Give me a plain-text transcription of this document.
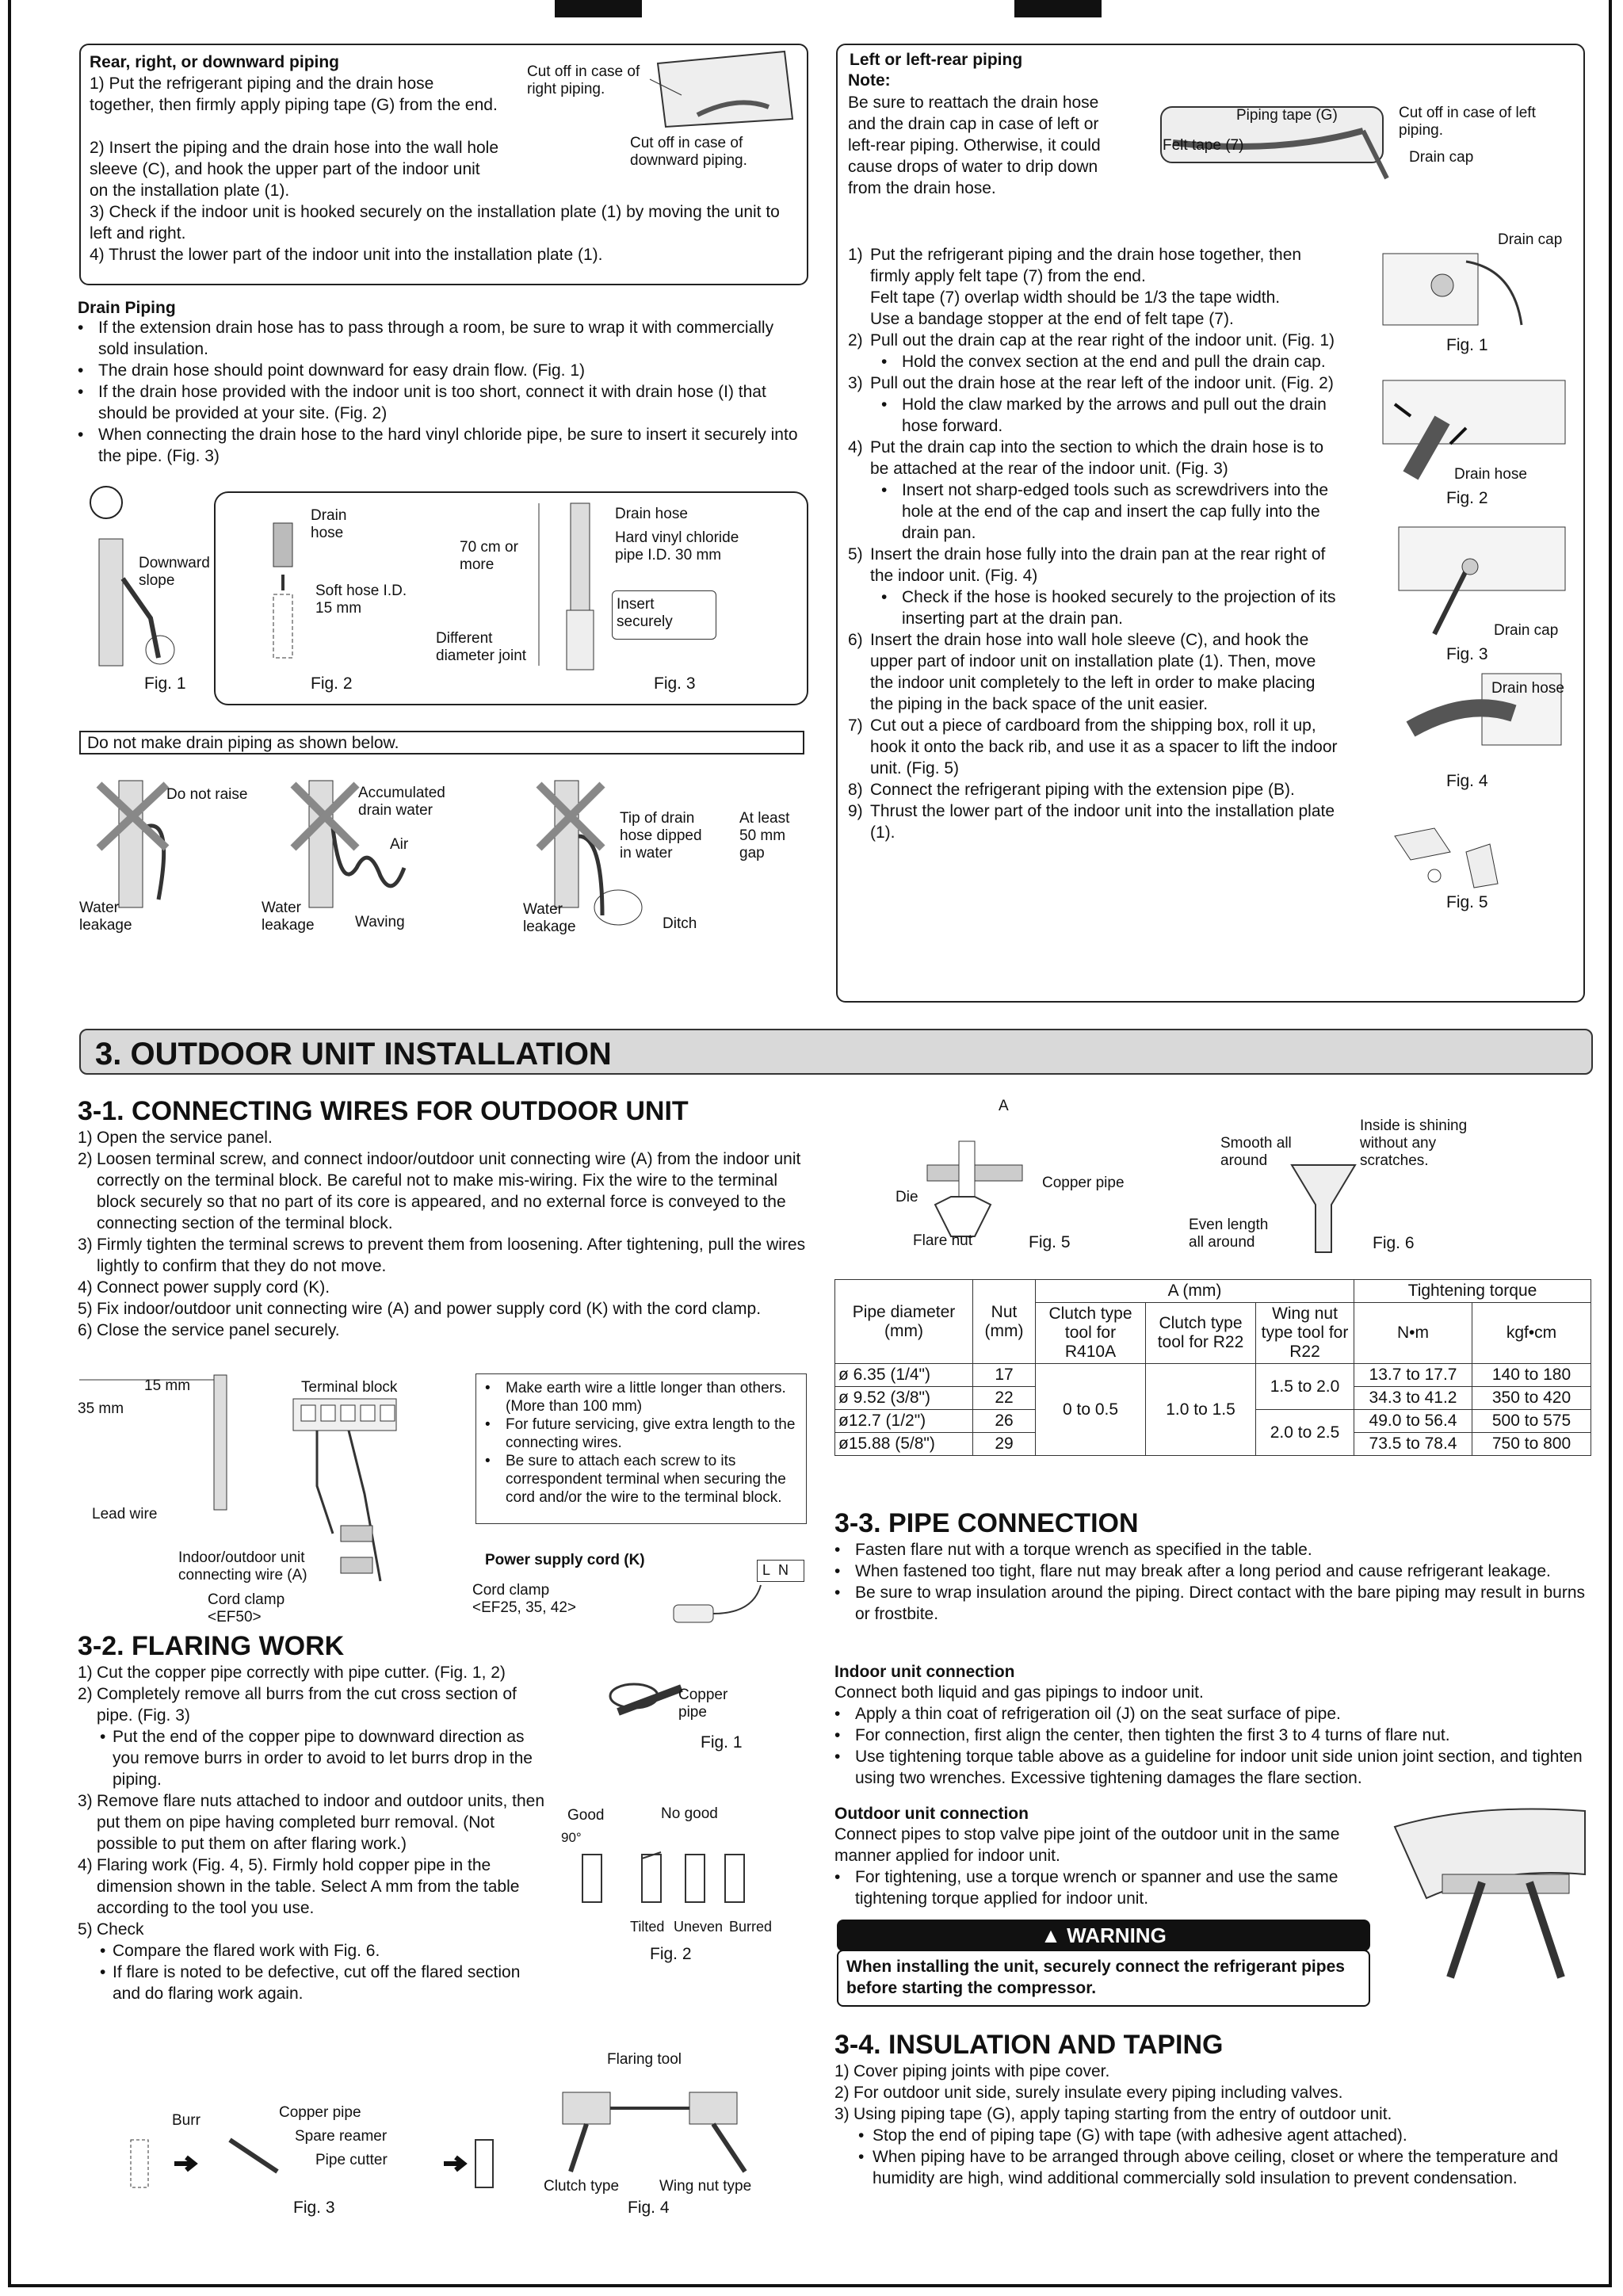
Rear, right, or downward piping
1) Put the refrigerant piping and the drain hose together, then firmly apply piping tape (G) from the end.
2) Insert the piping and the drain hose into the wall hole sleeve (C), and hook the upper part of the indoor unit on the installation plate (1).
3) Check if the indoor unit is hooked securely on the installation plate (1) by moving the unit to left and right.
4) Thrust the lower part of the indoor unit into the installation plate (1).
Cut off in case of right piping.
Cut off in case of downward piping.
Drain Piping
• If the extension drain hose has to pass through a room, be sure to wrap it with commercially sold insulation.
• The drain hose should point downward for easy drain flow. (Fig. 1)
• If the drain hose provided with the indoor unit is too short, connect it with drain hose (I) that should be provided at your site. (Fig. 2)
• When connecting the drain hose to the hard vinyl chloride pipe, be sure to insert it securely into the pipe. (Fig. 3)
Downward slope
Fig. 1
Drain hose
Soft hose I.D. 15 mm
Fig. 2
70 cm or more
Different diameter joint
Drain hose
Hard vinyl chloride pipe I.D. 30 mm
Insert securely
Fig. 3
Do not make drain piping as shown below.
Do not raise
Water leakage
Accumulated drain water
Air
Water leakage	Waving
Tip of drain hose dipped in water
At least 50 mm gap
Water leakage	Ditch
Left or left-rear piping
Note:
Be sure to reattach the drain hose and the drain cap in case of left or left-rear piping. Otherwise, it could cause drops of water to drip down from the drain hose.
Piping tape (G)
Felt tape (7)
Cut off in case of left piping.
Drain cap
1) Put the refrigerant piping and the drain hose together, then firmly apply felt tape (7) from the end.
Felt tape (7) overlap width should be 1/3 the tape width.
Use a bandage stopper at the end of felt tape (7).
2) Pull out the drain cap at the rear right of the indoor unit. (Fig. 1)
• Hold the convex section at the end and pull the drain cap.
3) Pull out the drain hose at the rear left of the indoor unit. (Fig. 2)
• Hold the claw marked by the arrows and pull out the drain hose forward.
4) Put the drain cap into the section to which the drain hose is to be attached at the rear of the indoor unit. (Fig. 3)
• Insert not sharp-edged tools such as screwdrivers into the hole at the end of the cap and insert the cap fully into the drain pan.
5) Insert the drain hose fully into the drain pan at the rear right of the indoor unit. (Fig. 4)
• Check if the hose is hooked securely to the projection of its inserting part at the drain pan.
6) Insert the drain hose into wall hole sleeve (C), and hook the upper part of indoor unit on installation plate (1). Then, move the indoor unit completely to the left in order to make placing the piping in the back space of the unit easier.
7) Cut out a piece of cardboard from the shipping box, roll it up, hook it onto the back rib, and use it as a spacer to lift the indoor unit. (Fig. 5)
8) Connect the refrigerant piping with the extension pipe (B).
9) Thrust the lower part of the indoor unit into the installation plate (1).
Drain cap
Fig. 1
Drain hose
Fig. 2
Drain cap
Fig. 3
Drain hose
Fig. 4
Fig. 5
3. OUTDOOR UNIT INSTALLATION
3-1. CONNECTING WIRES FOR OUTDOOR UNIT
1) Open the service panel.
2) Loosen terminal screw, and connect indoor/outdoor unit connecting wire (A) from the indoor unit correctly on the terminal block. Be careful not to make mis-wiring. Fix the wire to the terminal block securely so that no part of its core is appeared, and no external force is conveyed to the connecting section of the terminal block.
3) Firmly tighten the terminal screws to prevent them from loosening. After tightening, pull the wires lightly to confirm that they do not move.
4) Connect power supply cord (K).
5) Fix indoor/outdoor unit connecting wire (A) and power supply cord (K) with the cord clamp.
6) Close the service panel securely.
15 mm
35 mm
Terminal block
Lead wire
Indoor/outdoor unit connecting wire (A)
Cord clamp <EF50>
Power supply cord (K)
Cord clamp <EF25, 35, 42>
L N
• Make earth wire a little longer than others. (More than 100 mm)
• For future servicing, give extra length to the connecting wires.
• Be sure to attach each screw to its correspondent terminal when securing the cord and/or the wire to the terminal block.
3-2. FLARING WORK
1) Cut the copper pipe correctly with pipe cutter. (Fig. 1, 2)
2) Completely remove all burrs from the cut cross section of pipe. (Fig. 3)
• Put the end of the copper pipe to downward direction as you remove burrs in order to avoid to let burrs drop in the piping.
3) Remove flare nuts attached to indoor and outdoor units, then put them on pipe having completed burr removal. (Not possible to put them on after flaring work.)
4) Flaring work (Fig. 4, 5). Firmly hold copper pipe in the dimension shown in the table. Select A mm from the table according to the tool you use.
5) Check
• Compare the flared work with Fig. 6.
• If flare is noted to be defective, cut off the flared section and do flaring work again.
Copper pipe
Fig. 1
Good	No good
90°
Tilted Uneven Burred
Fig. 2
Burr	Copper pipe
Spare reamer
Pipe cutter
Fig. 3
Flaring tool
Clutch type	Wing nut type
Fig. 4
A
Die
Copper pipe
Flare nut	Fig. 5
Smooth all around
Inside is shining without any scratches.
Even length all around	Fig. 6
Pipe diameter (mm)	Nut (mm)	A (mm)			Tightening torque	
		Clutch type tool for R410A	Clutch type tool for R22	Wing nut type tool for R22	N•m	kgf•cm
ø 6.35 (1/4")	17	0 to 0.5	1.0 to 1.5	1.5 to 2.0	13.7 to 17.7	140 to 180
ø 9.52 (3/8")	22				34.3 to 41.2	350 to 420
ø12.7 (1/2")	26			2.0 to 2.5	49.0 to 56.4	500 to 575
ø15.88 (5/8")	29				73.5 to 78.4	750 to 800
3-3. PIPE CONNECTION
• Fasten flare nut with a torque wrench as specified in the table.
• When fastened too tight, flare nut may break after a long period and cause refrigerant leakage.
• Be sure to wrap insulation around the piping. Direct contact with the bare piping may result in burns or frostbite.
Indoor unit connection
Connect both liquid and gas pipings to indoor unit.
• Apply a thin coat of refrigeration oil (J) on the seat surface of pipe.
• For connection, first align the center, then tighten the first 3 to 4 turns of flare nut.
• Use tightening torque table above as a guideline for indoor unit side union joint section, and tighten using two wrenches. Excessive tightening damages the flare section.
Outdoor unit connection
Connect pipes to stop valve pipe joint of the outdoor unit in the same manner applied for indoor unit.
• For tightening, use a torque wrench or spanner and use the same tightening torque applied for indoor unit.
▲ WARNING
When installing the unit, securely connect the refrigerant pipes before starting the compressor.
3-4. INSULATION AND TAPING
1) Cover piping joints with pipe cover.
2) For outdoor unit side, surely insulate every piping including valves.
3) Using piping tape (G), apply taping starting from the entry of outdoor unit.
• Stop the end of piping tape (G) with tape (with adhesive agent attached).
• When piping have to be arranged through above ceiling, closet or where the temperature and humidity are high, wind additional commercially sold insulation to prevent condensation.
